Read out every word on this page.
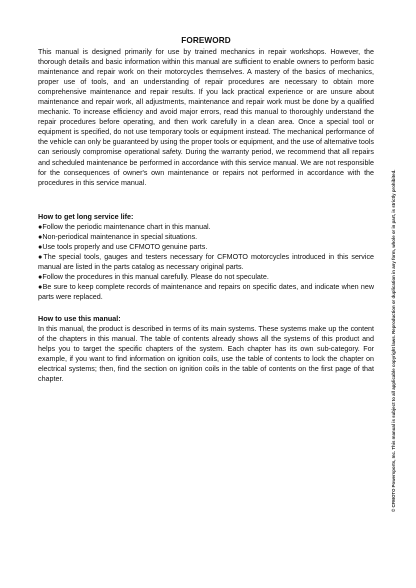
FOREWORD

This manual is designed primarily for use by trained mechanics in repair workshops. However, the thorough details and basic information within this manual are sufficient to enable owners to perform basic maintenance and repair work on their motorcycles themselves. A mastery of the basics of mechanics, proper use of tools, and an understanding of repair procedures are necessary to obtain more comprehensive maintenance and repair results. If you lack practical experience or are unsure about maintenance and repair work, all adjustments, maintenance and repair work must be done by a qualified mechanic. To increase efficiency and avoid major errors, read this manual to thoroughly understand the repair procedures before operating, and then work carefully in a clean area. Once a special tool or equipment is specified, do not use temporary tools or equipment instead. The mechanical performance of the vehicle can only be guaranteed by using the proper tools or equipment, and the use of alternative tools can seriously compromise operational safety. During the warranty period, we recommend that all repairs and scheduled maintenance be performed in accordance with this service manual. We are not responsible for the consequences of owner's own maintenance or repairs not performed in accordance with the procedures in this service manual.

How to get long service life:
●Follow the periodic maintenance chart in this manual.
●Non-periodical maintenance in special situations.
●Use tools properly and use CFMOTO genuine parts.
●The special tools, gauges and testers necessary for CFMOTO motorcycles introduced in this service manual are listed in the parts catalog as necessary original parts.
●Follow the procedures in this manual carefully. Please do not speculate.
●Be sure to keep complete records of maintenance and repairs on specific dates, and indicate when new parts were replaced.
How to use this manual:

In this manual, the product is described in terms of its main systems. These systems make up the content of the chapters in this manual. The table of contents already shows all the systems of this product and helps you to target the specific chapters of the system. Each chapter has its own sub-category. For example, if you want to find information on ignition coils, use the table of contents to lock the chapter on electrical systems; then, find the section on ignition coils in the table of contents on the first page of that chapter.	© CFMOTO Powersports, Inc. This manual is subject to all applicable copyright laws. Reproduction or duplication in any form, whole or in part, is strictly prohibited.
